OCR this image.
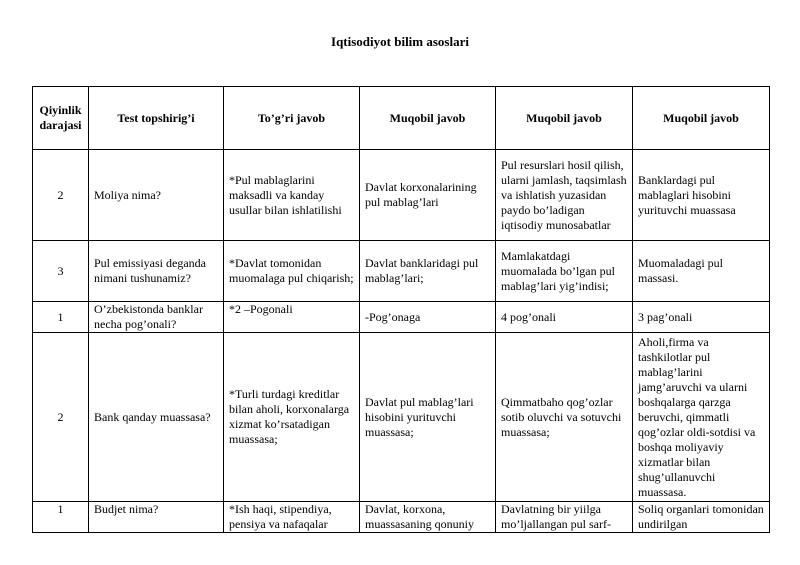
Iqtisodiyot bilim asoslari
Qiyinlik darajasi	Test topshirig’i	To’g’ri javob	Muqobil javob	Muqobil javob	Muqobil javob
2	Moliya nima?	*Pul mablaglarini maksadli va kanday usullar bilan ishlatilishi	Davlat korxonalarining pul mablag’lari	Pul resurslari hosil qilish, ularni jamlash, taqsimlash va ishlatish yuzasidan paydo bo’ladigan iqtisodiy munosabatlar	Banklardagi pul mablaglari hisobini yurituvchi muassasa
3	Pul emissiyasi deganda nimani tushunamiz?	*Davlat tomonidan muomalaga pul chiqarish;	Davlat banklaridagi pul mablag’lari;	Mamlakatdagi muomalada bo’lgan pul mablag’lari yig’indisi;	Muomaladagi pul massasi.
1	O’zbekistonda banklar necha pog’onali?	*2 –Pogonali	-Pog’onaga	4 pog’onali	3 pag’onali
2	Bank qanday muassasa?	*Turli turdagi kreditlar bilan aholi, korxonalarga xizmat ko’rsatadigan muassasa;	Davlat pul mablag’lari hisobini yurituvchi muassasa;	Qimmatbaho qog’ozlar sotib oluvchi va sotuvchi muassasa;	Aholi,firma va tashkilotlar pul mablag’larini jamg’aruvchi va ularni boshqalarga qarzga beruvchi, qimmatli qog’ozlar oldi-sotdisi va boshqa moliyaviy xizmatlar bilan shug’ullanuvchi muassasa.

1	Budjet nima?	*Ish haqi, stipendiya, pensiya va nafaqalar	Davlat, korxona, muassasaning qonuniy	Davlatning bir yiilga mo’ljallangan pul sarf-	Soliq organlari tomonidan undirilgan
